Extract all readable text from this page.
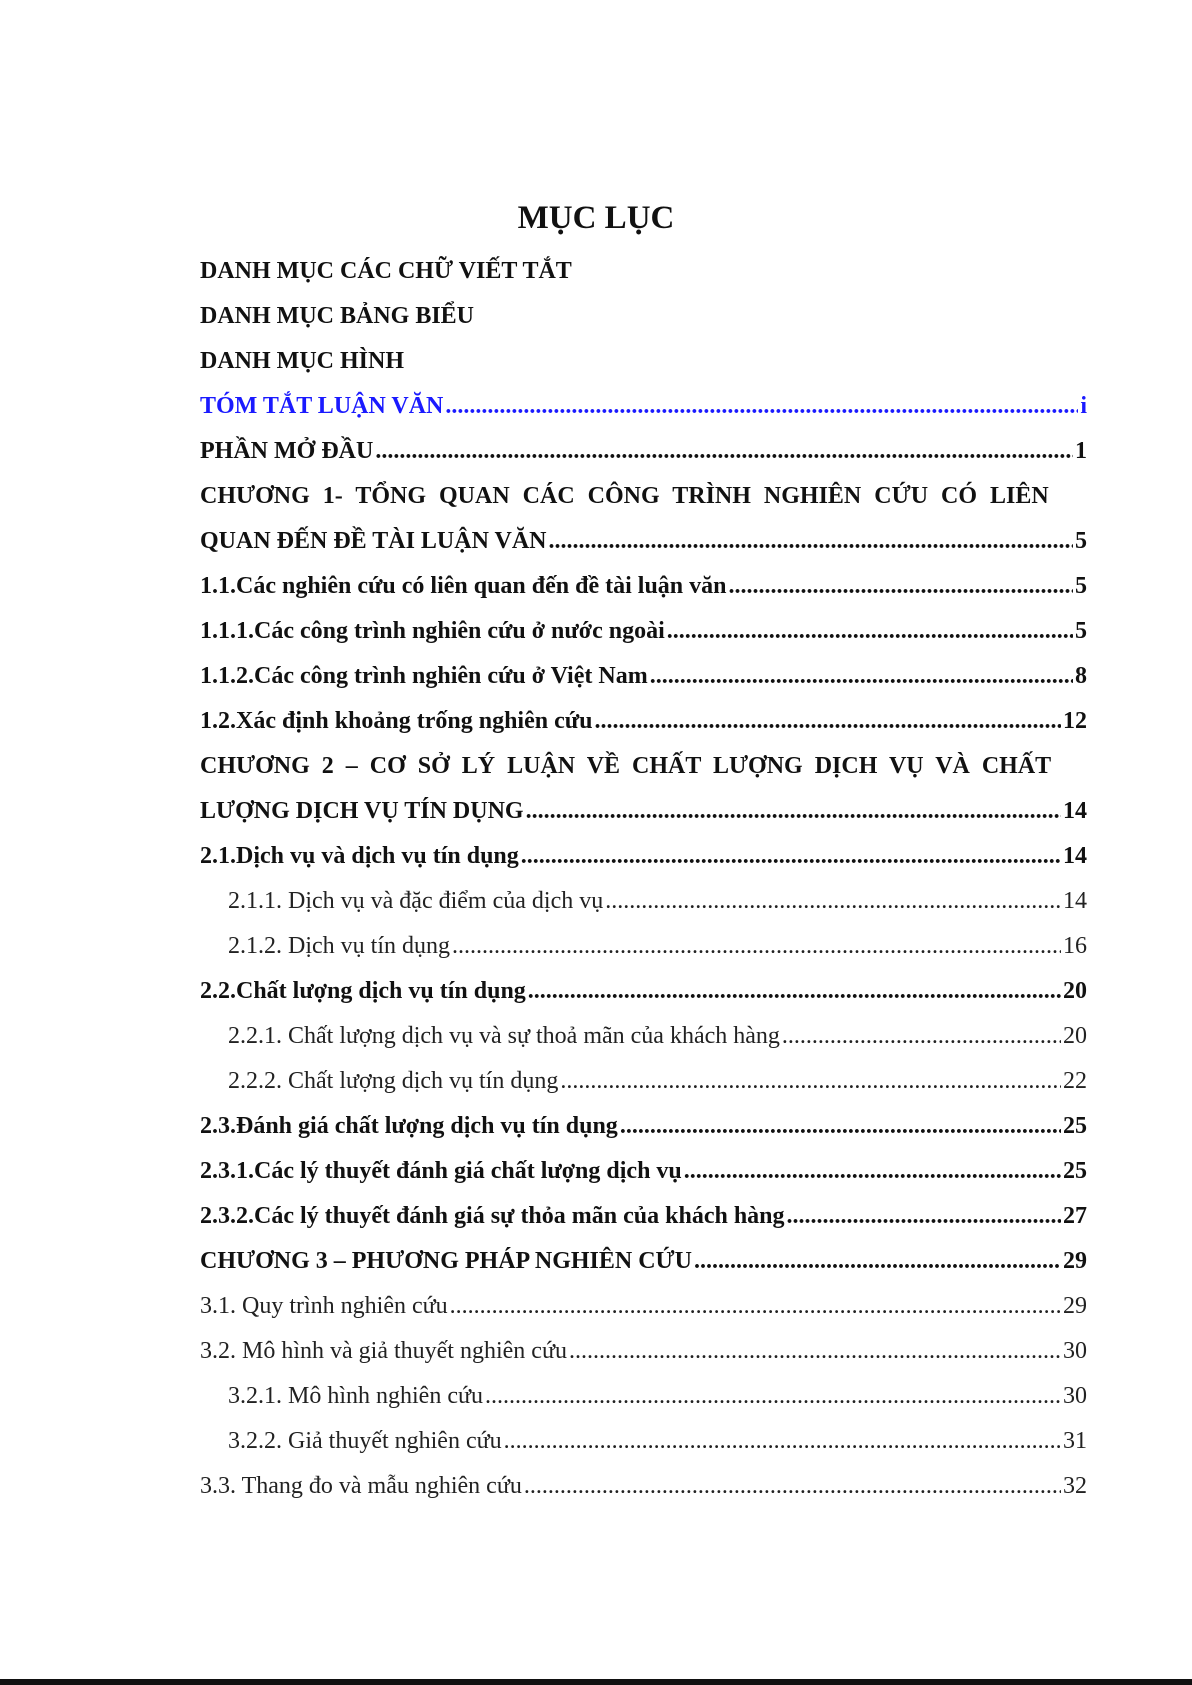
MỤC LỤC
DANH MỤC CÁC CHỮ VIẾT TẮT
DANH MỤC BẢNG BIỂU
DANH MỤC HÌNH
TÓM TẮT LUẬN VĂN .....	i
PHẦN MỞ ĐẦU .....	1
CHƯƠNG 1- TỔNG QUAN CÁC CÔNG TRÌNH NGHIÊN CỨU CÓ LIÊN
QUAN ĐẾN ĐỀ TÀI LUẬN VĂN .....	5
1.1. Các nghiên cứu có liên quan đến đề tài luận văn .....	5
1.1.1. Các công trình nghiên cứu ở nước ngoài .....	5
1.1.2. Các công trình nghiên cứu ở Việt Nam .....	8
1.2. Xác định khoảng trống nghiên cứu .....	12
CHƯƠNG 2 – CƠ SỞ LÝ LUẬN VỀ CHẤT LƯỢNG DỊCH VỤ VÀ CHẤT
LƯỢNG DỊCH VỤ TÍN DỤNG .....	14
2.1. Dịch vụ và dịch vụ tín dụng .....	14
2.1.1. Dịch vụ và đặc điểm của dịch vụ .....	14
2.1.2. Dịch vụ tín dụng .....	16
2.2. Chất lượng dịch vụ tín dụng .....	20
2.2.1. Chất lượng dịch vụ và sự thoả mãn của khách hàng .....	20
2.2.2. Chất lượng dịch vụ tín dụng .....	22
2.3. Đánh giá chất lượng dịch vụ tín dụng .....	25
2.3.1. Các lý thuyết đánh giá chất lượng dịch vụ .....	25
2.3.2. Các lý thuyết đánh giá sự thỏa mãn của khách hàng .....	27
CHƯƠNG 3 – PHƯƠNG PHÁP NGHIÊN CỨU .....	29
3.1. Quy trình nghiên cứu .....	29
3.2. Mô hình và giả thuyết nghiên cứu .....	30
3.2.1. Mô hình nghiên cứu .....	30
3.2.2. Giả thuyết nghiên cứu .....	31
3.3. Thang đo và mẫu nghiên cứu .....	32
